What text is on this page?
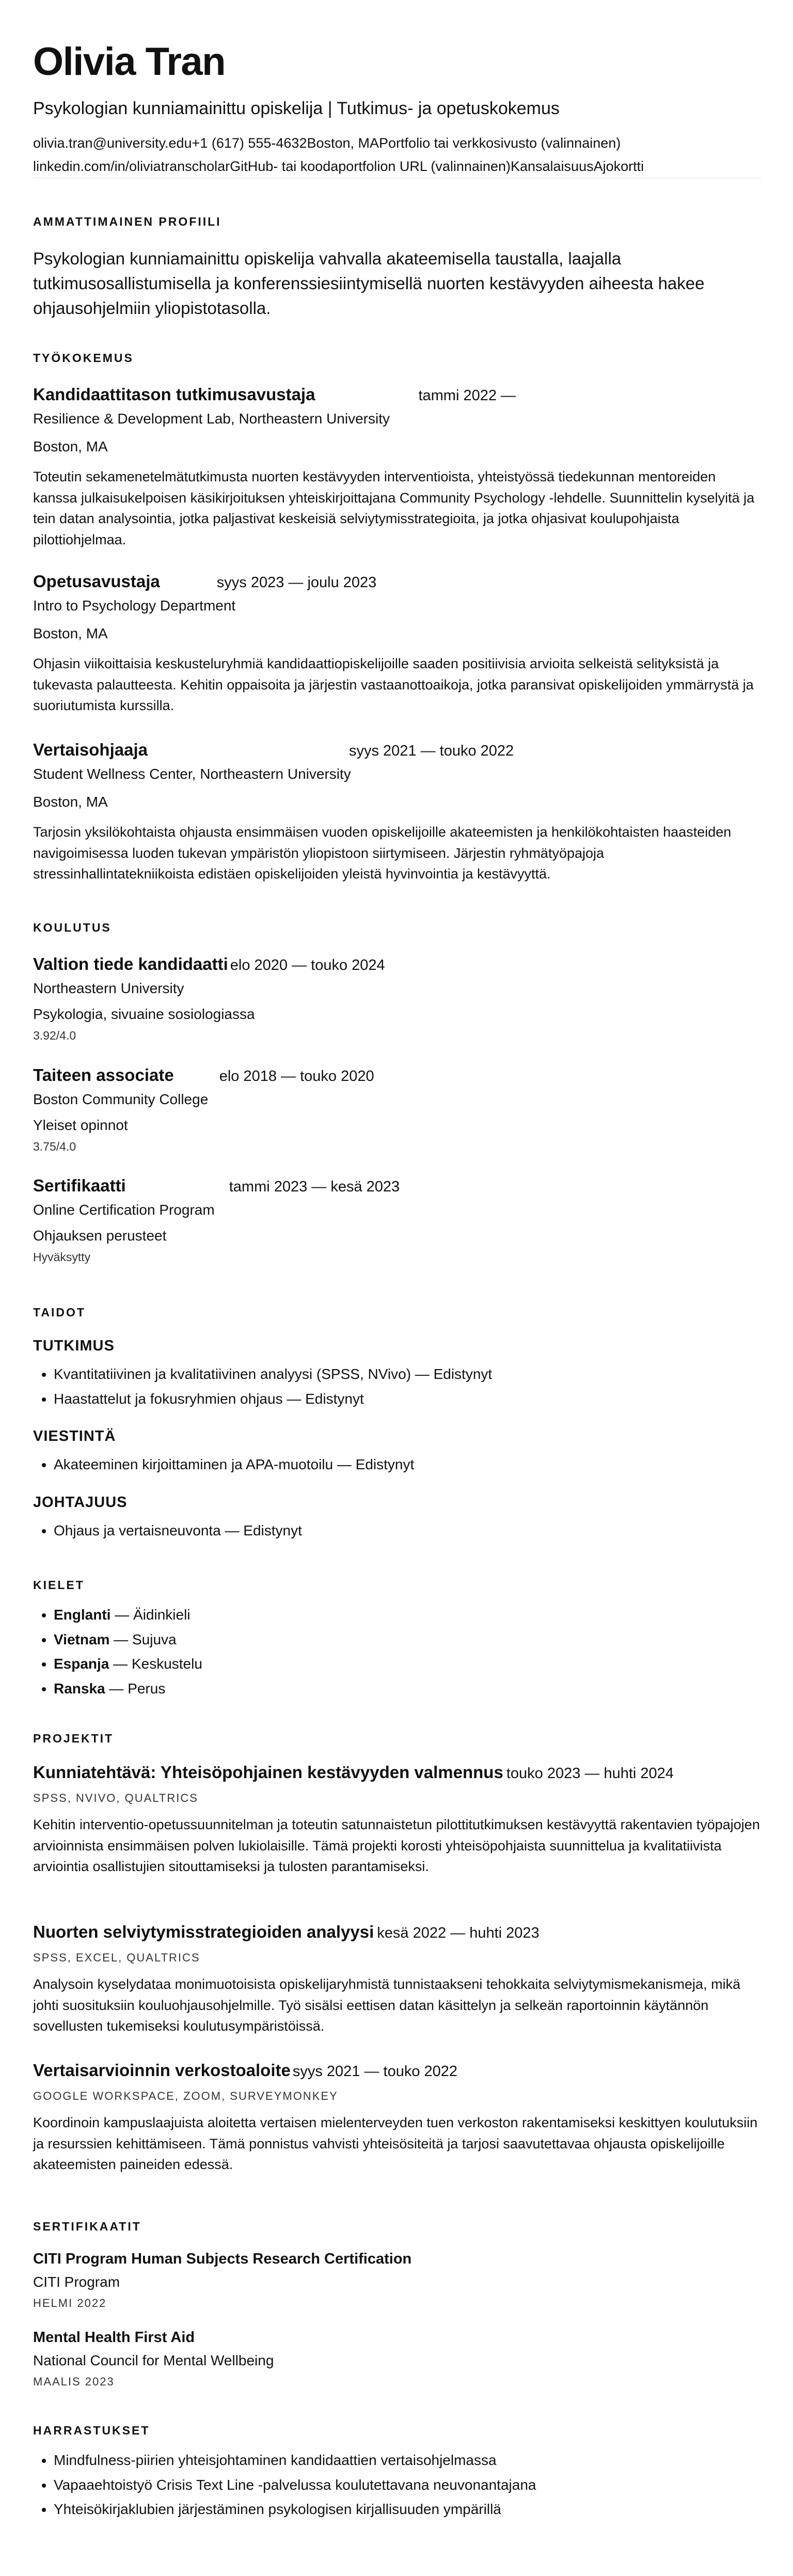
Olivia Tran
Psykologian kunniamainittu opiskelija | Tutkimus- ja opetuskokemus
olivia.tran@university.edu +1 (617) 555-4632 Boston, MA Portfolio tai verkkosivusto (valinnainen)
linkedin.com/in/oliviatranscholar GitHub- tai koodaportfolion URL (valinnainen) Kansalaisuus Ajokortti
AMMATTIMAINEN PROFIILI
Psykologian kunniamainittu opiskelija vahvalla akateemisella taustalla, laajalla tutkimusosallistumisella ja konferenssiesiintymisellä nuorten kestävyyden aiheesta hakee ohjausohjelmiin yliopistotasolla.
TYÖKOKEMUS
Kandidaattitason tutkimusavustaja	tammi 2022 —
Resilience & Development Lab, Northeastern University
Boston, MA
Toteutin sekamenetelmätutkimusta nuorten kestävyyden interventioista, yhteistyössä tiedekunnan mentoreiden kanssa julkaisukelpoisen käsikirjoituksen yhteiskirjoittajana Community Psychology -lehdelle. Suunnittelin kyselyitä ja tein datan analysointia, jotka paljastivat keskeisiä selviytymisstrategioita, ja jotka ohjasivat koulupohjaista pilottiohjelmaa.
Opetusavustaja	syys 2023 — joulu 2023
Intro to Psychology Department
Boston, MA
Ohjasin viikoittaisia keskusteluryhmiä kandidaattiopiskelijoille saaden positiivisia arvioita selkeistä selityksistä ja tukevasta palautteesta. Kehitin oppaisoita ja järjestin vastaanottoaikoja, jotka paransivat opiskelijoiden ymmärrystä ja suoriutumista kurssilla.
Vertaisohjaaja	syys 2021 — touko 2022
Student Wellness Center, Northeastern University
Boston, MA
Tarjosin yksilökohtaista ohjausta ensimmäisen vuoden opiskelijoille akateemisten ja henkilökohtaisten haasteiden navigoimisessa luoden tukevan ympäristön yliopistoon siirtymiseen. Järjestin ryhmätyöpajoja stressinhallintatekniikoista edistäen opiskelijoiden yleistä hyvinvointia ja kestävyyttä.
KOULUTUS
Valtion tiede kandidaatti elo 2020 — touko 2024
Northeastern University
Psykologia, sivuaine sosiologiassa
3.92/4.0
Taiteen associate	elo 2018 — touko 2020
Boston Community College
Yleiset opinnot
3.75/4.0
Sertifikaatti	tammi 2023 — kesä 2023
Online Certification Program
Ohjauksen perusteet
Hyväksytty
TAIDOT
TUTKIMUS
• Kvantitatiivinen ja kvalitatiivinen analyysi (SPSS, NVivo) — Edistynyt
• Haastattelut ja fokusryhmien ohjaus — Edistynyt
VIESTINTÄ
• Akateeminen kirjoittaminen ja APA-muotoilu — Edistynyt
JOHTAJUUS
• Ohjaus ja vertaisneuvonta — Edistynyt
KIELET
• Englanti — Äidinkieli
• Vietnam — Sujuva
• Espanja — Keskustelu
• Ranska — Perus
PROJEKTIT
Kunniatehtävä: Yhteisöpohjainen kestävyyden valmennus touko 2023 — huhti 2024
SPSS, NVIVO, QUALTRICS
Kehitin interventio-opetussuunnitelman ja toteutin satunnaistetun pilottitutkimuksen kestävyyttä rakentavien työpajojen arvioinnista ensimmäisen polven lukiolaisille. Tämä projekti korosti yhteisöpohjaista suunnittelua ja kvalitatiivista arviointia osallistujien sitouttamiseksi ja tulosten parantamiseksi.
Nuorten selviytymisstrategioiden analyysi kesä 2022 — huhti 2023
SPSS, EXCEL, QUALTRICS
Analysoin kyselydataa monimuotoisista opiskelijaryhmistä tunnistaakseni tehokkaita selviytymismekanismeja, mikä johti suosituksiin kouluohjausohjelmille. Työ sisälsi eettisen datan käsittelyn ja selkeän raportoinnin käytännön sovellusten tukemiseksi koulutusympäristöissä.
Vertaisarvioinnin verkostoaloite syys 2021 — touko 2022
GOOGLE WORKSPACE, ZOOM, SURVEYMONKEY
Koordinoin kampuslaajuista aloitetta vertaisen mielenterveyden tuen verkoston rakentamiseksi keskittyen koulutuksiin ja resurssien kehittämiseen. Tämä ponnistus vahvisti yhteisösiteitä ja tarjosi saavutettavaa ohjausta opiskelijoille akateemisten paineiden edessä.
SERTIFIKAATIT
CITI Program Human Subjects Research Certification
CITI Program
HELMI 2022
Mental Health First Aid
National Council for Mental Wellbeing
MAALIS 2023
HARRASTUKSET
• Mindfulness-piirien yhteisjohtaminen kandidaattien vertaisohjelmassa
• Vapaaehtoistyö Crisis Text Line -palvelussa koulutettavana neuvonantajana
• Yhteisökirjaklubien järjestäminen psykologisen kirjallisuuden ympärillä
